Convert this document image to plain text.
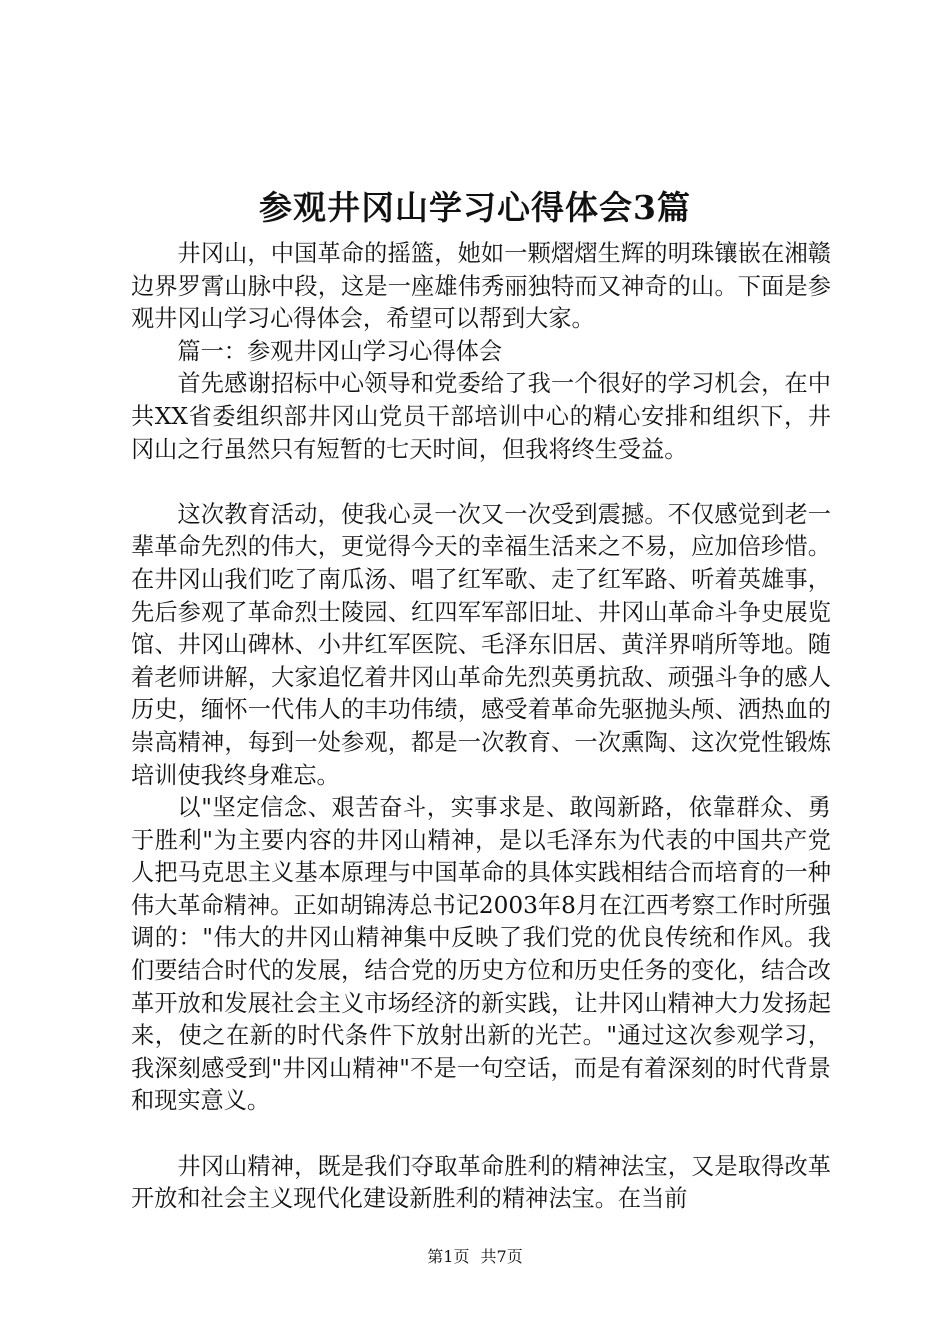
参观井冈山学习心得体会3篇

井冈山，中国革命的摇篮，她如一颗熠熠生辉的明珠镶嵌在湘赣边界罗霄山脉中段，这是一座雄伟秀丽独特而又神奇的山。下面是参观井冈山学习心得体会，希望可以帮到大家。

篇一：参观井冈山学习心得体会

首先感谢招标中心领导和党委给了我一个很好的学习机会，在中共XX省委组织部井冈山党员干部培训中心的精心安排和组织下，井冈山之行虽然只有短暂的七天时间，但我将终生受益。

这次教育活动，使我心灵一次又一次受到震撼。不仅感觉到老一辈革命先烈的伟大，更觉得今天的幸福生活来之不易，应加倍珍惜。在井冈山我们吃了南瓜汤、唱了红军歌、走了红军路、听着英雄事，先后参观了革命烈士陵园、红四军军部旧址、井冈山革命斗争史展览馆、井冈山碑林、小井红军医院、毛泽东旧居、黄洋界哨所等地。随着老师讲解，大家追忆着井冈山革命先烈英勇抗敌、顽强斗争的感人历史，缅怀一代伟人的丰功伟绩，感受着革命先驱抛头颅、洒热血的崇高精神，每到一处参观，都是一次教育、一次熏陶、这次党性锻炼培训使我终身难忘。

以"坚定信念、艰苦奋斗，实事求是、敢闯新路，依靠群众、勇于胜利"为主要内容的井冈山精神，是以毛泽东为代表的中国共产党人把马克思主义基本原理与中国革命的具体实践相结合而培育的一种伟大革命精神。正如胡锦涛总书记2003年8月在江西考察工作时所强调的："伟大的井冈山精神集中反映了我们党的优良传统和作风。我们要结合时代的发展，结合党的历史方位和历史任务的变化，结合改革开放和发展社会主义市场经济的新实践，让井冈山精神大力发扬起来，使之在新的时代条件下放射出新的光芒。"通过这次参观学习，我深刻感受到"井冈山精神"不是一句空话，而是有着深刻的时代背景和现实意义。

井冈山精神，既是我们夺取革命胜利的精神法宝，又是取得改革开放和社会主义现代化建设新胜利的精神法宝。在当前

第1页 共7页
